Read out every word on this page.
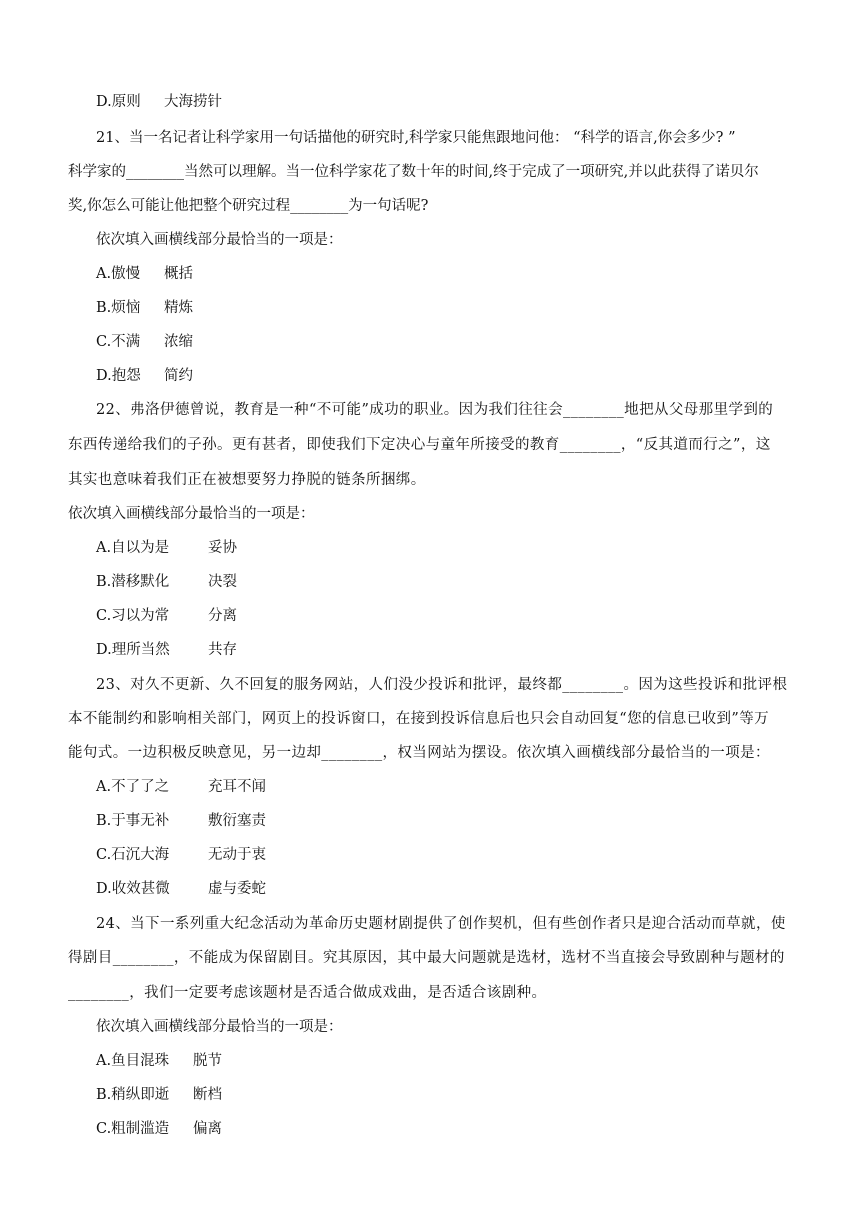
D.原则 大海捞针
21、当一名记者让科学家用一句话描他的研究时,科学家只能焦跟地问他： “科学的语言,你会多少? ”
科学家的________当然可以理解。当一位科学家花了数十年的时间,终于完成了一项研究,并以此获得了诺贝尔
奖,你怎么可能让他把整个研究过程________为一句话呢?
依次填入画横线部分最恰当的一项是：
A.傲慢 概括
B.烦恼 精炼
C.不满 浓缩
D.抱怨 简约
22、弗洛伊德曾说，教育是一种“不可能”成功的职业。因为我们往往会________地把从父母那里学到的
东西传递给我们的子孙。更有甚者，即使我们下定决心与童年所接受的教育________，“反其道而行之”，这
其实也意味着我们正在被想要努力挣脱的链条所捆绑。
依次填入画横线部分最恰当的一项是：
A.自以为是	妥协
B.潜移默化	决裂
C.习以为常	分离
D.理所当然	共存
23、对久不更新、久不回复的服务网站，人们没少投诉和批评，最终都________。因为这些投诉和批评根
本不能制约和影响相关部门，网页上的投诉窗口，在接到投诉信息后也只会自动回复“您的信息已收到”等万
能句式。一边积极反映意见，另一边却________，权当网站为摆设。依次填入画横线部分最恰当的一项是：
A.不了了之	充耳不闻
B.于事无补	敷衍塞责
C.石沉大海	无动于衷
D.收效甚微	虚与委蛇
24、当下一系列重大纪念活动为革命历史题材剧提供了创作契机，但有些创作者只是迎合活动而草就，使
得剧目________，不能成为保留剧目。究其原因，其中最大问题就是选材，选材不当直接会导致剧种与题材的
________，我们一定要考虑该题材是否适合做成戏曲，是否适合该剧种。
依次填入画横线部分最恰当的一项是：
A.鱼目混珠 脱节
B.稍纵即逝 断档
C.粗制滥造 偏离
